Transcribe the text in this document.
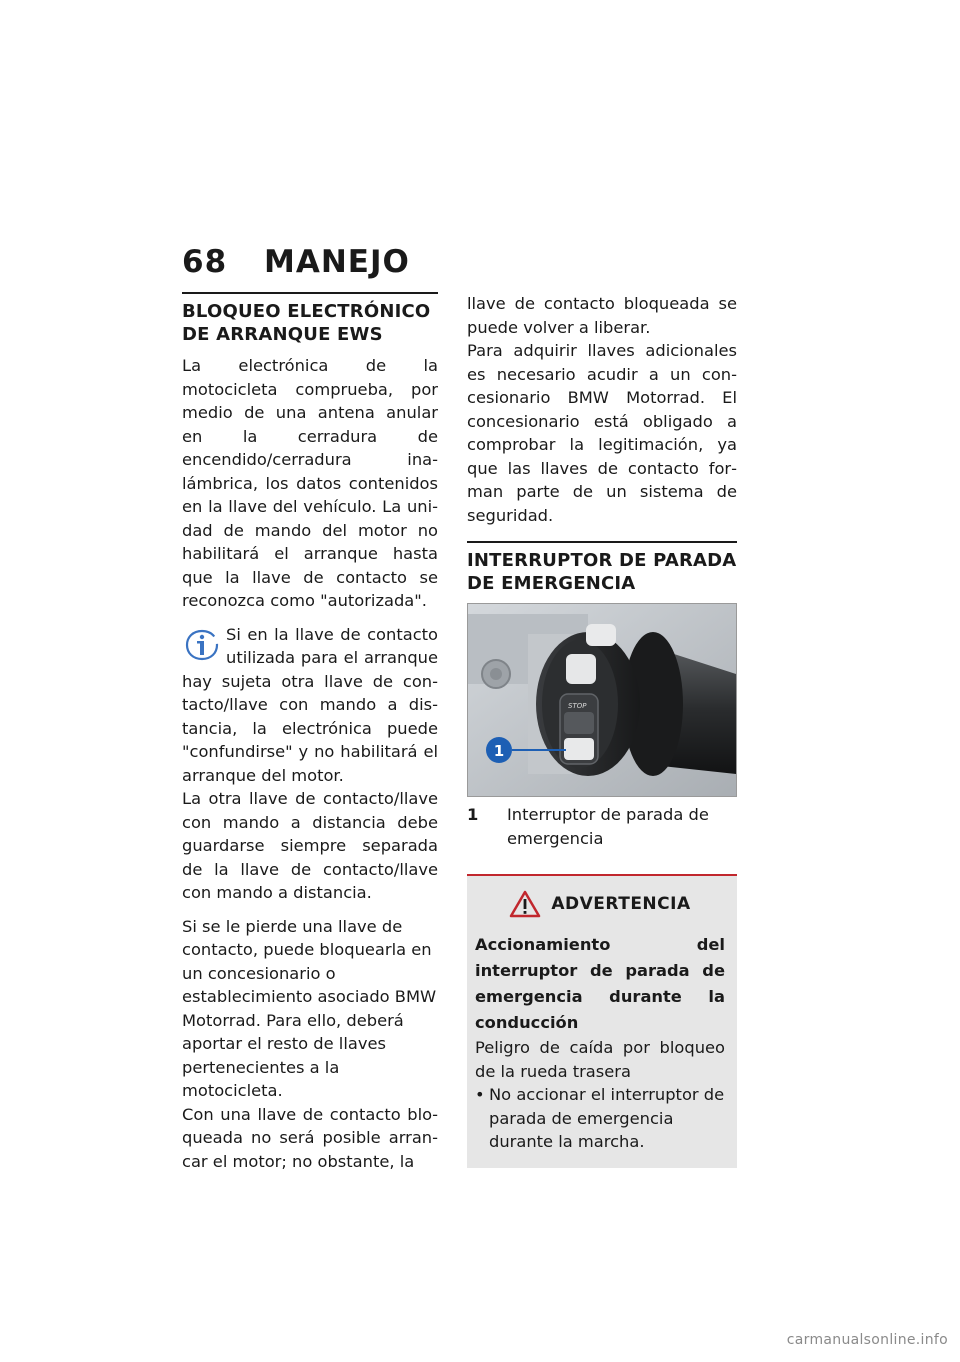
68 MANEJO
BLOQUEO ELECTRÓNICO DE ARRANQUE EWS

La electrónica de la motocicleta comprueba, por medio de una antena anular en la cerradura de encendido/cerradura inalámbrica, los datos contenidos en la llave del vehículo. La unidad de mando del motor no habilitará el arranque hasta que la llave de contacto se reconozca como "autorizada".

Si en la llave de contacto utilizada para el arranque hay sujeta otra llave de contacto/llave con mando a distancia, la electrónica puede "confundirse" y no habilitará el arranque del motor.

La otra llave de contacto/llave con mando a distancia debe guardarse siempre separada de la llave de contacto/llave con mando a distancia.

Si se le pierde una llave de contacto, puede bloquearla en un concesionario o establecimiento asociado BMW Motorrad. Para ello, deberá aportar el resto de llaves pertenecientes a la motocicleta.

Con una llave de contacto bloqueada no será posible arrancar el motor; no obstante, la

llave de contacto bloqueada se puede volver a liberar.

Para adquirir llaves adicionales es necesario acudir a un concesionario BMW Motorrad. El concesionario está obligado a comprobar la legitimación, ya que las llaves de contacto forman parte de un sistema de seguridad.

INTERRUPTOR DE PARADA DE EMERGENCIA
STOP
1
1	Interruptor de parada de emergencia
ADVERTENCIA

Accionamiento del interruptor de parada de emergencia durante la conducción

Peligro de caída por bloqueo de la rueda trasera

• No accionar el interruptor de parada de emergencia durante la marcha.
carmanualsonline.info
